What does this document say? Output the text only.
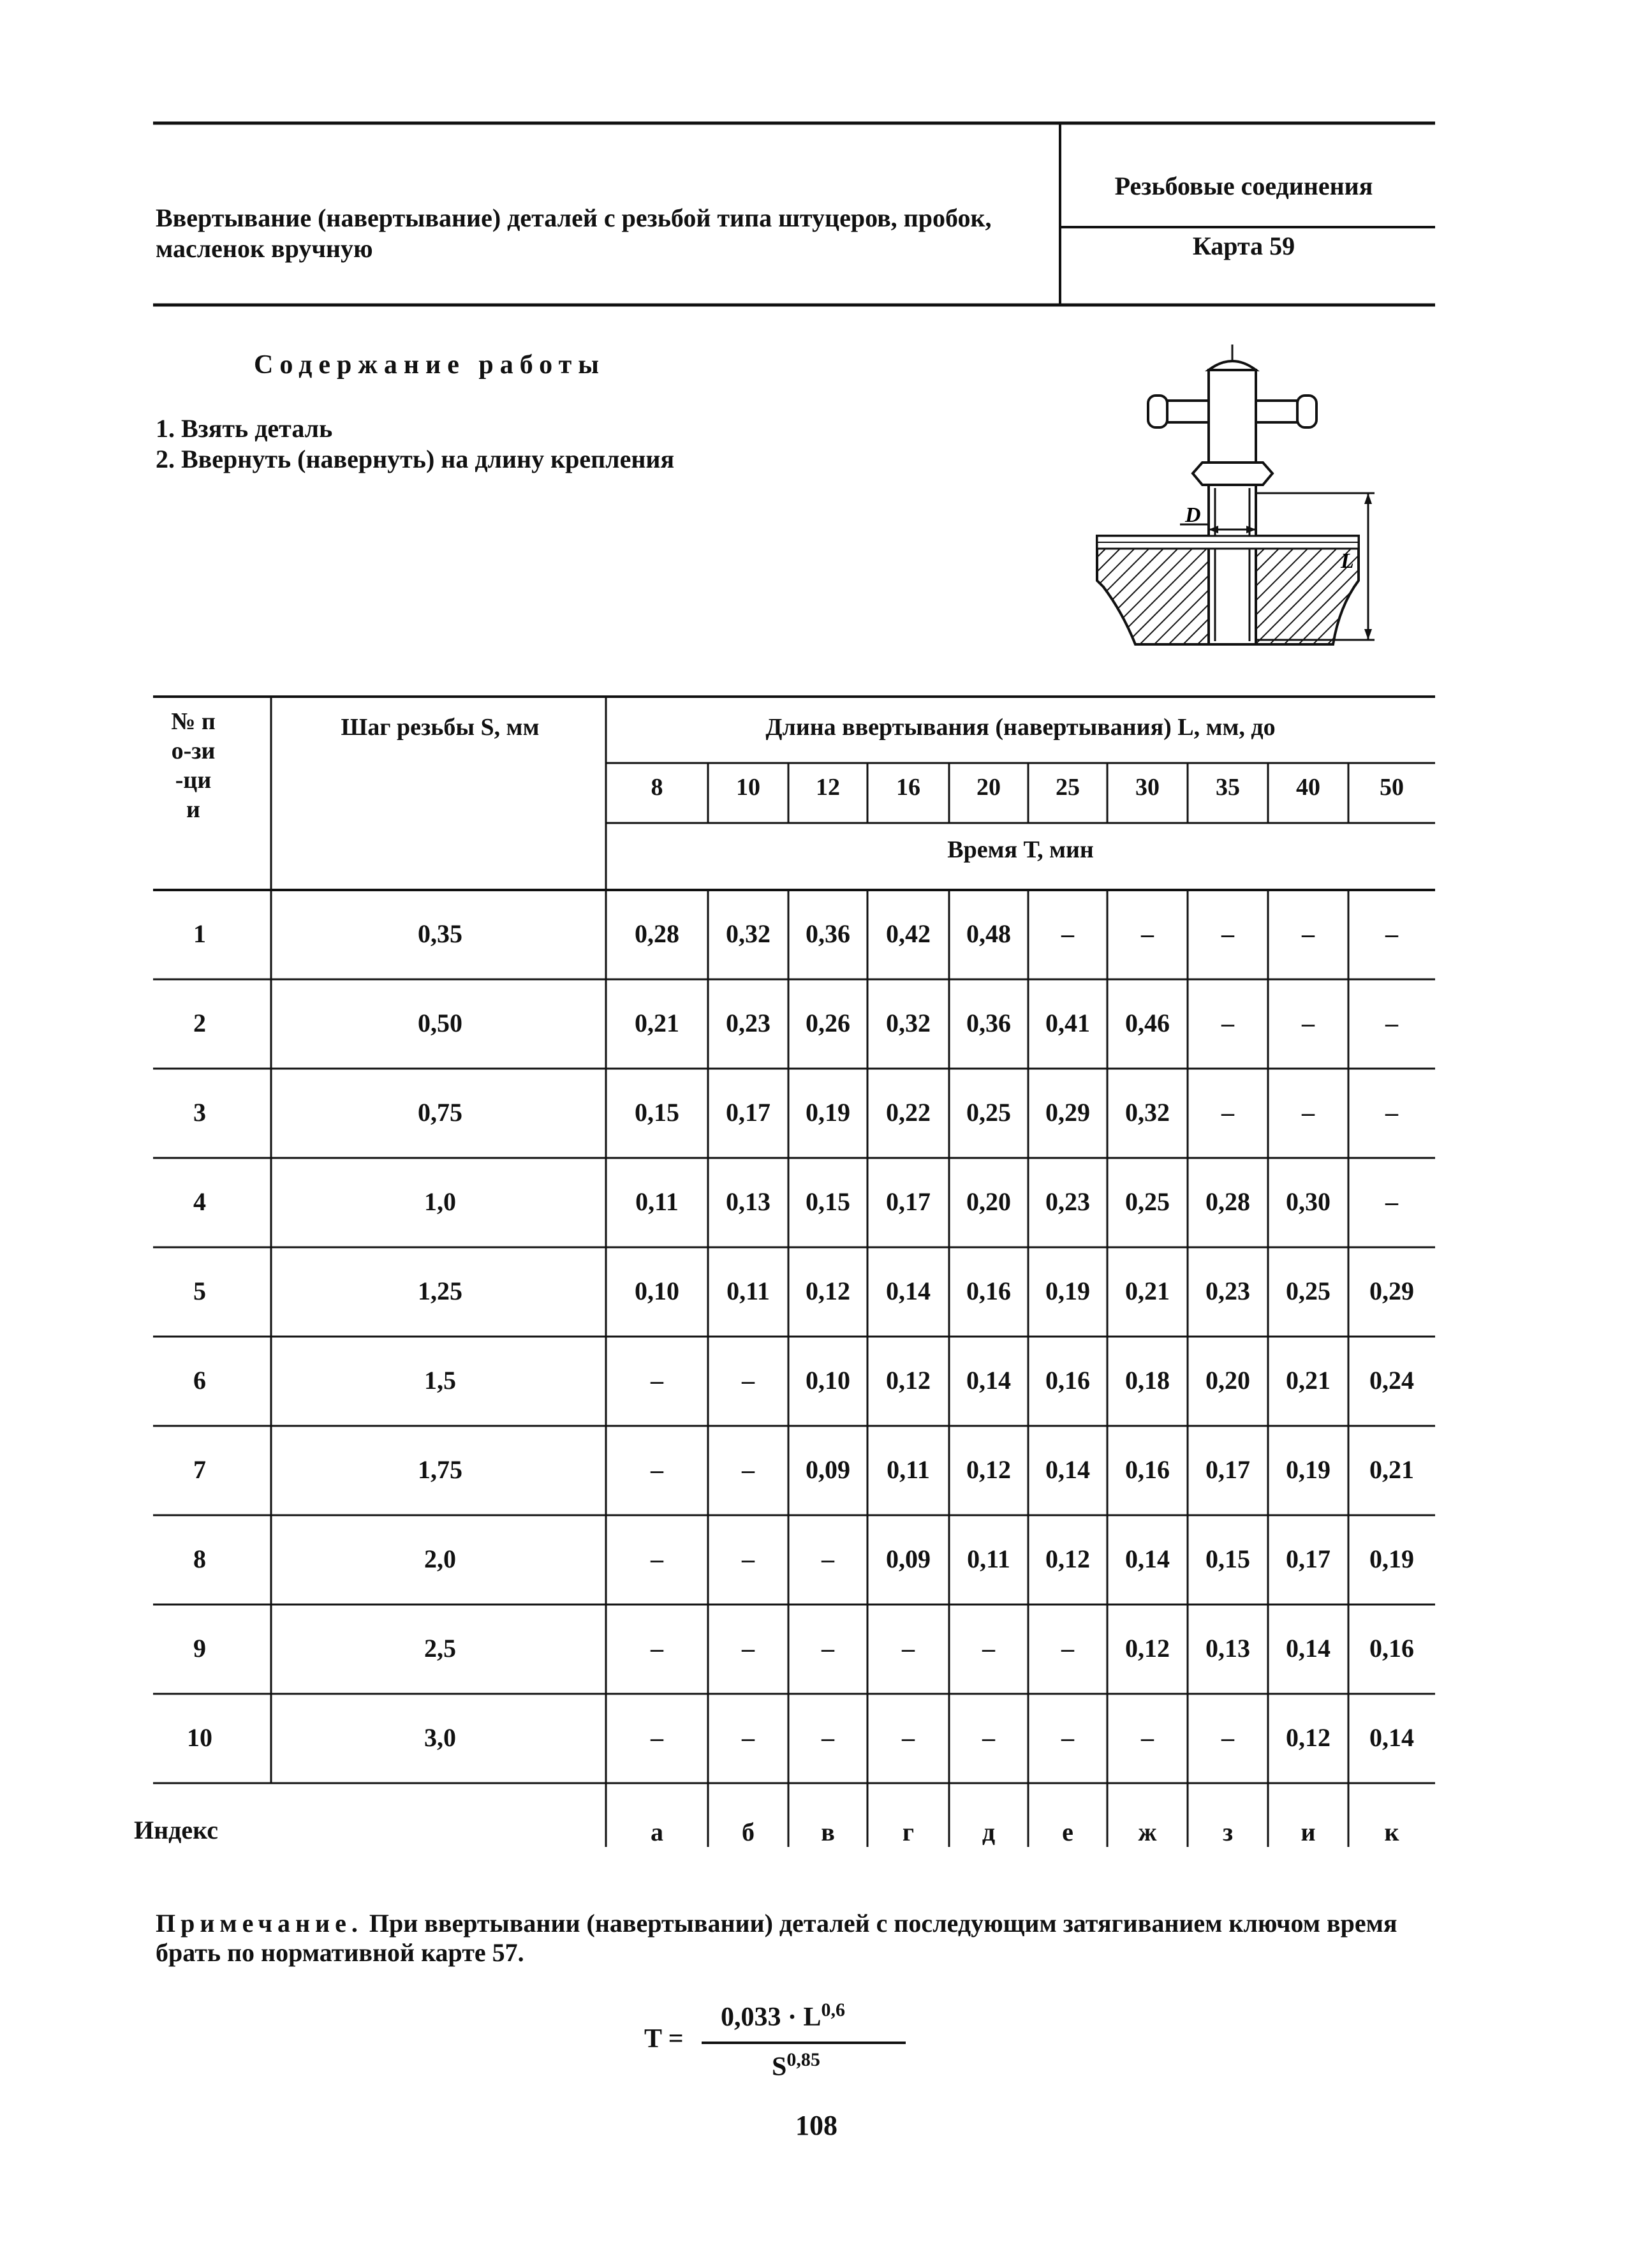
Ввертывание (навертывание) деталей с резьбой типа штуцеров, пробок, масленок вручную
Резьбовые соединения
Карта 59
Содержание работы
1. Взять деталь
2. Ввернуть (навернуть) на длину крепления
D
L
№ по-зи-ции
Шаг резьбы S, мм	Длина ввертывания (навертывания) L, мм, до
8	10	12	16	20	25	30	35	40	50
Время Т, мин
1	0,35	0,28	0,32	0,36	0,42	0,48	–	–	–	–	–
2	0,50	0,21	0,23	0,26	0,32	0,36	0,41	0,46	–	–	–
3	0,75	0,15	0,17	0,19	0,22	0,25	0,29	0,32	–	–	–
4	1,0	0,11	0,13	0,15	0,17	0,20	0,23	0,25	0,28	0,30	–
5	1,25	0,10	0,11	0,12	0,14	0,16	0,19	0,21	0,23	0,25	0,29
6	1,5	–	–	0,10	0,12	0,14	0,16	0,18	0,20	0,21	0,24
7	1,75	–	–	0,09	0,11	0,12	0,14	0,16	0,17	0,19	0,21
8	2,0	–	–	–	0,09	0,11	0,12	0,14	0,15	0,17	0,19
9	2,5	–	–	–	–	–	–	0,12	0,13	0,14	0,16
10	3,0	–	–	–	–	–	–	–	–	0,12	0,14
Индекс	а	б	в	г	д	е	ж	з	и	к
Примечание. При ввертывании (навертывании) деталей с последующим затягиванием ключом время брать по нормативной карте 57.
T =
0,033 · L$^{0,6}$
S$^{0,85}$
108
